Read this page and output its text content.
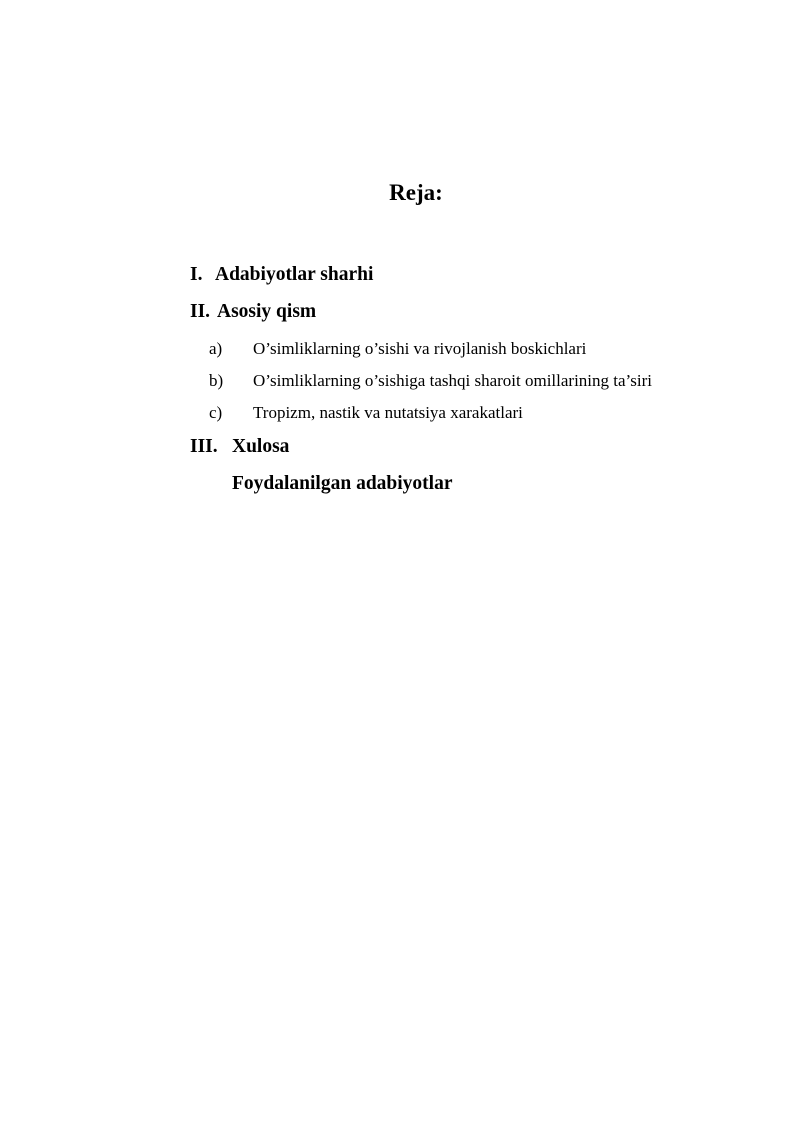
Reja:
I. Adabiyotlar sharhi
II. Asosiy qism
a) O’simliklarning o’sishi va rivojlanish boskichlari
b) O’simliklarning o’sishiga tashqi sharoit omillarining ta’siri
c) Tropizm, nastik va nutatsiya xarakatlari
III. Xulosa
Foydalanilgan adabiyotlar
